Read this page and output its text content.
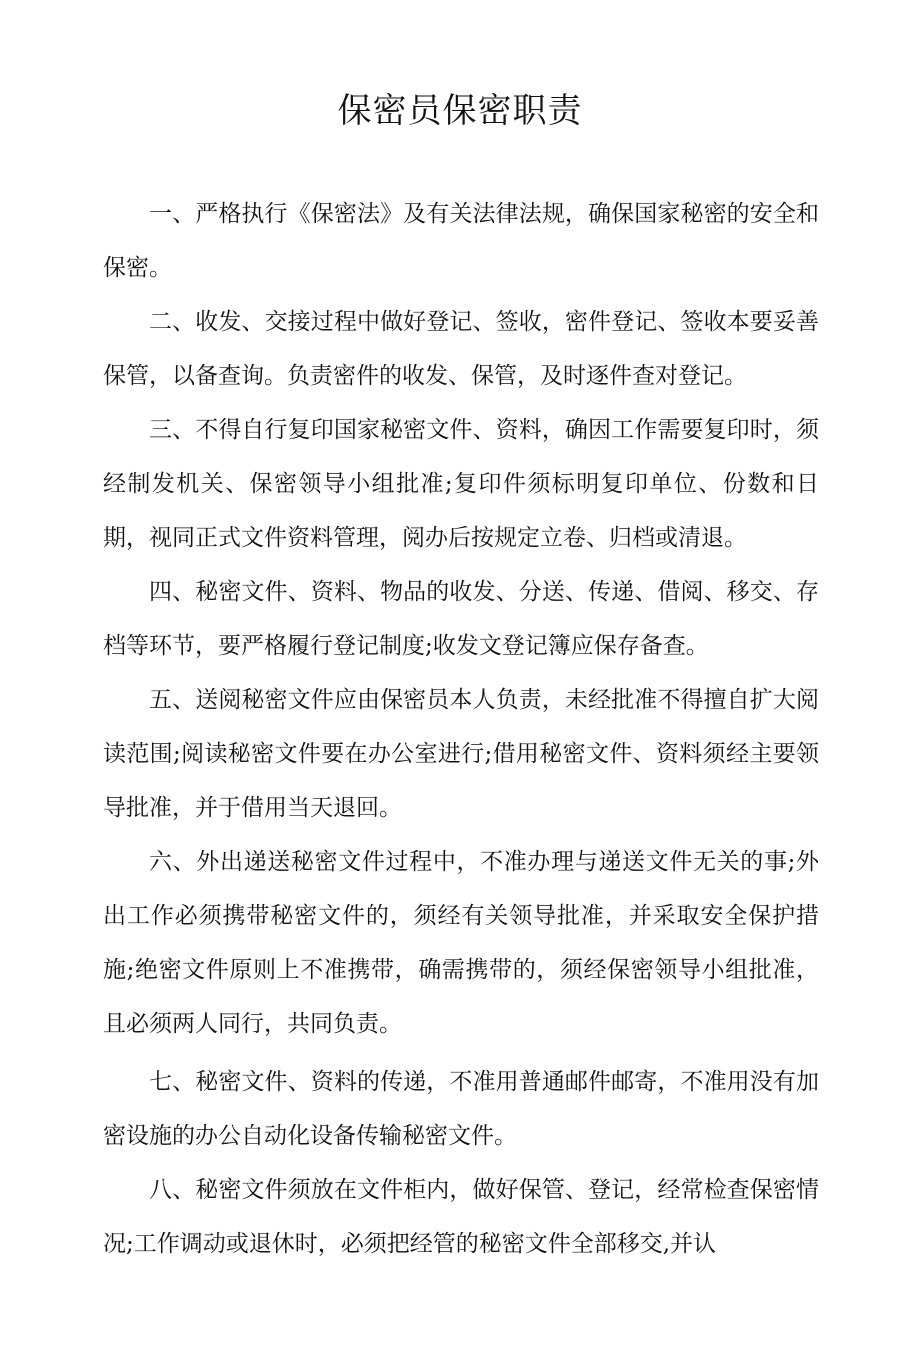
保密员保密职责

一、严格执行《保密法》及有关法律法规，确保国家秘密的安全和保密。

二、收发、交接过程中做好登记、签收，密件登记、签收本要妥善保管，以备查询。负责密件的收发、保管，及时逐件查对登记。

三、不得自行复印国家秘密文件、资料，确因工作需要复印时，须经制发机关、保密领导小组批准;复印件须标明复印单位、份数和日期，视同正式文件资料管理，阅办后按规定立卷、归档或清退。

四、秘密文件、资料、物品的收发、分送、传递、借阅、移交、存档等环节，要严格履行登记制度;收发文登记簿应保存备查。

五、送阅秘密文件应由保密员本人负责，未经批准不得擅自扩大阅读范围;阅读秘密文件要在办公室进行;借用秘密文件、资料须经主要领导批准，并于借用当天退回。

六、外出递送秘密文件过程中，不准办理与递送文件无关的事;外出工作必须携带秘密文件的，须经有关领导批准，并采取安全保护措施;绝密文件原则上不准携带，确需携带的，须经保密领导小组批准，且必须两人同行，共同负责。

七、秘密文件、资料的传递，不准用普通邮件邮寄，不准用没有加密设施的办公自动化设备传输秘密文件。

八、秘密文件须放在文件柜内，做好保管、登记，经常检查保密情况;工作调动或退休时，必须把经管的秘密文件全部移交,并认
